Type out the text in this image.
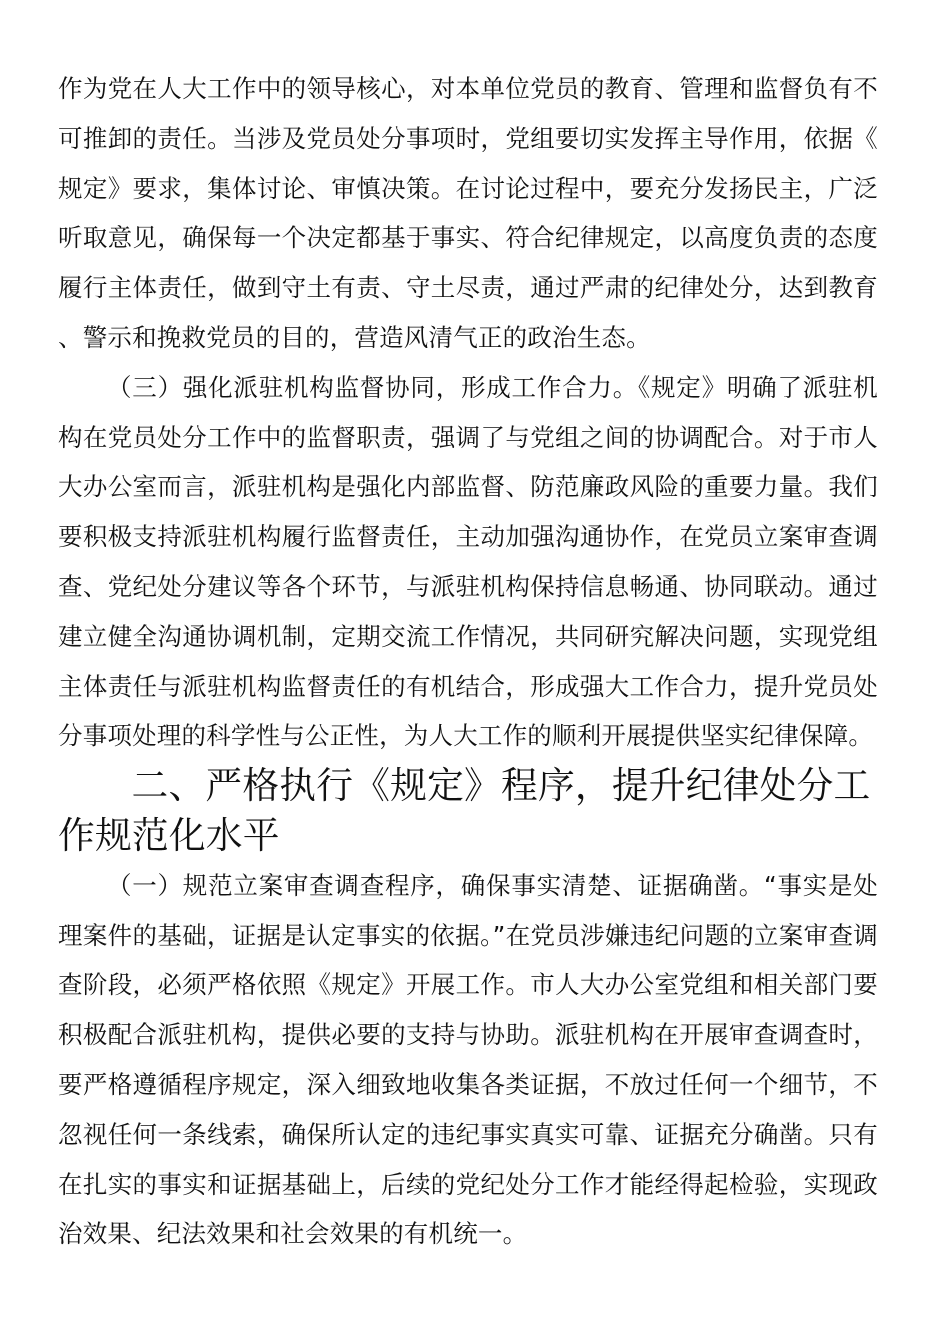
作为党在人大工作中的领导核心，对本单位党员的教育、管理和监督负有不可推卸的责任。当涉及党员处分事项时，党组要切实发挥主导作用，依据《规定》要求，集体讨论、审慎决策。在讨论过程中，要充分发扬民主，广泛听取意见，确保每一个决定都基于事实、符合纪律规定，以高度负责的态度履行主体责任，做到守土有责、守土尽责，通过严肃的纪律处分，达到教育、警示和挽救党员的目的，营造风清气正的政治生态。

（三）强化派驻机构监督协同，形成工作合力。《规定》明确了派驻机构在党员处分工作中的监督职责，强调了与党组之间的协调配合。对于市人大办公室而言，派驻机构是强化内部监督、防范廉政风险的重要力量。我们要积极支持派驻机构履行监督责任，主动加强沟通协作，在党员立案审查调查、党纪处分建议等各个环节，与派驻机构保持信息畅通、协同联动。通过建立健全沟通协调机制，定期交流工作情况，共同研究解决问题，实现党组主体责任与派驻机构监督责任的有机结合，形成强大工作合力，提升党员处分事项处理的科学性与公正性，为人大工作的顺利开展提供坚实纪律保障。

二、严格执行《规定》程序，提升纪律处分工作规范化水平

（一）规范立案审查调查程序，确保事实清楚、证据确凿。“事实是处理案件的基础，证据是认定事实的依据。”在党员涉嫌违纪问题的立案审查调查阶段，必须严格依照《规定》开展工作。市人大办公室党组和相关部门要积极配合派驻机构，提供必要的支持与协助。派驻机构在开展审查调查时，要严格遵循程序规定，深入细致地收集各类证据，不放过任何一个细节，不忽视任何一条线索，确保所认定的违纪事实真实可靠、证据充分确凿。只有在扎实的事实和证据基础上，后续的党纪处分工作才能经得起检验，实现政治效果、纪法效果和社会效果的有机统一。
